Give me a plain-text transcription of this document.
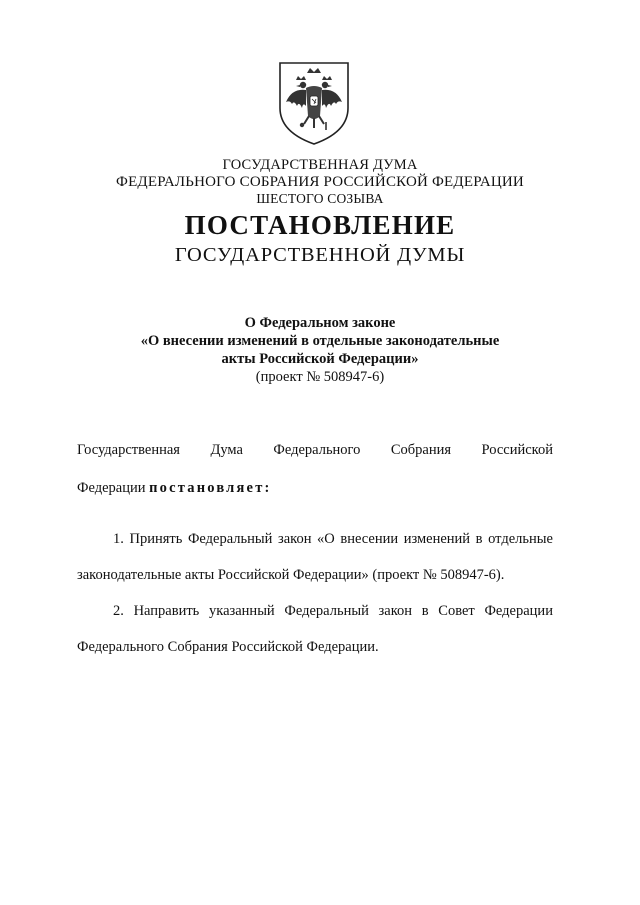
ГОСУДАРСТВЕННАЯ ДУМА
ФЕДЕРАЛЬНОГО СОБРАНИЯ РОССИЙСКОЙ ФЕДЕРАЦИИ
ШЕСТОГО СОЗЫВА
ПОСТАНОВЛЕНИЕ
ГОСУДАРСТВЕННОЙ ДУМЫ
О Федеральном законе
«О внесении изменений в отдельные законодательные
акты Российской Федерации»
(проект № 508947-6)
Государственная Дума Федерального Собрания Российской
Федерации постановляет:
1. Принять Федеральный закон «О внесении изменений в отдельные
законодательные акты Российской Федерации» (проект № 508947-6).
2. Направить указанный Федеральный закон в Совет Федерации
Федерального Собрания Российской Федерации.
